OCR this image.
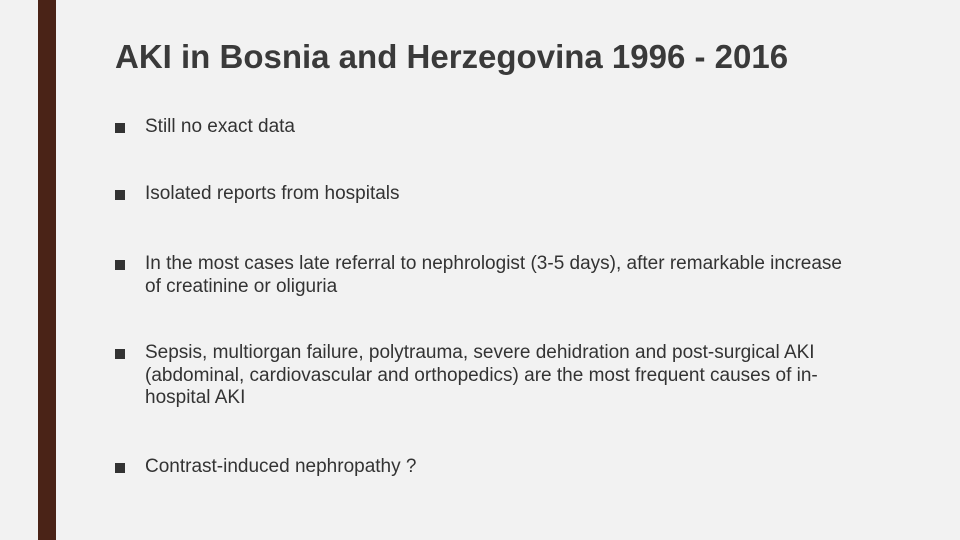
AKI in Bosnia and Herzegovina 1996 - 2016
Still no exact data
Isolated reports from hospitals
In the most cases late referral to nephrologist (3-5 days), after remarkable increase of creatinine or oliguria
Sepsis, multiorgan failure, polytrauma, severe dehidration and post-surgical AKI (abdominal, cardiovascular and orthopedics) are the most frequent causes of in-hospital AKI
Contrast-induced nephropathy ?
